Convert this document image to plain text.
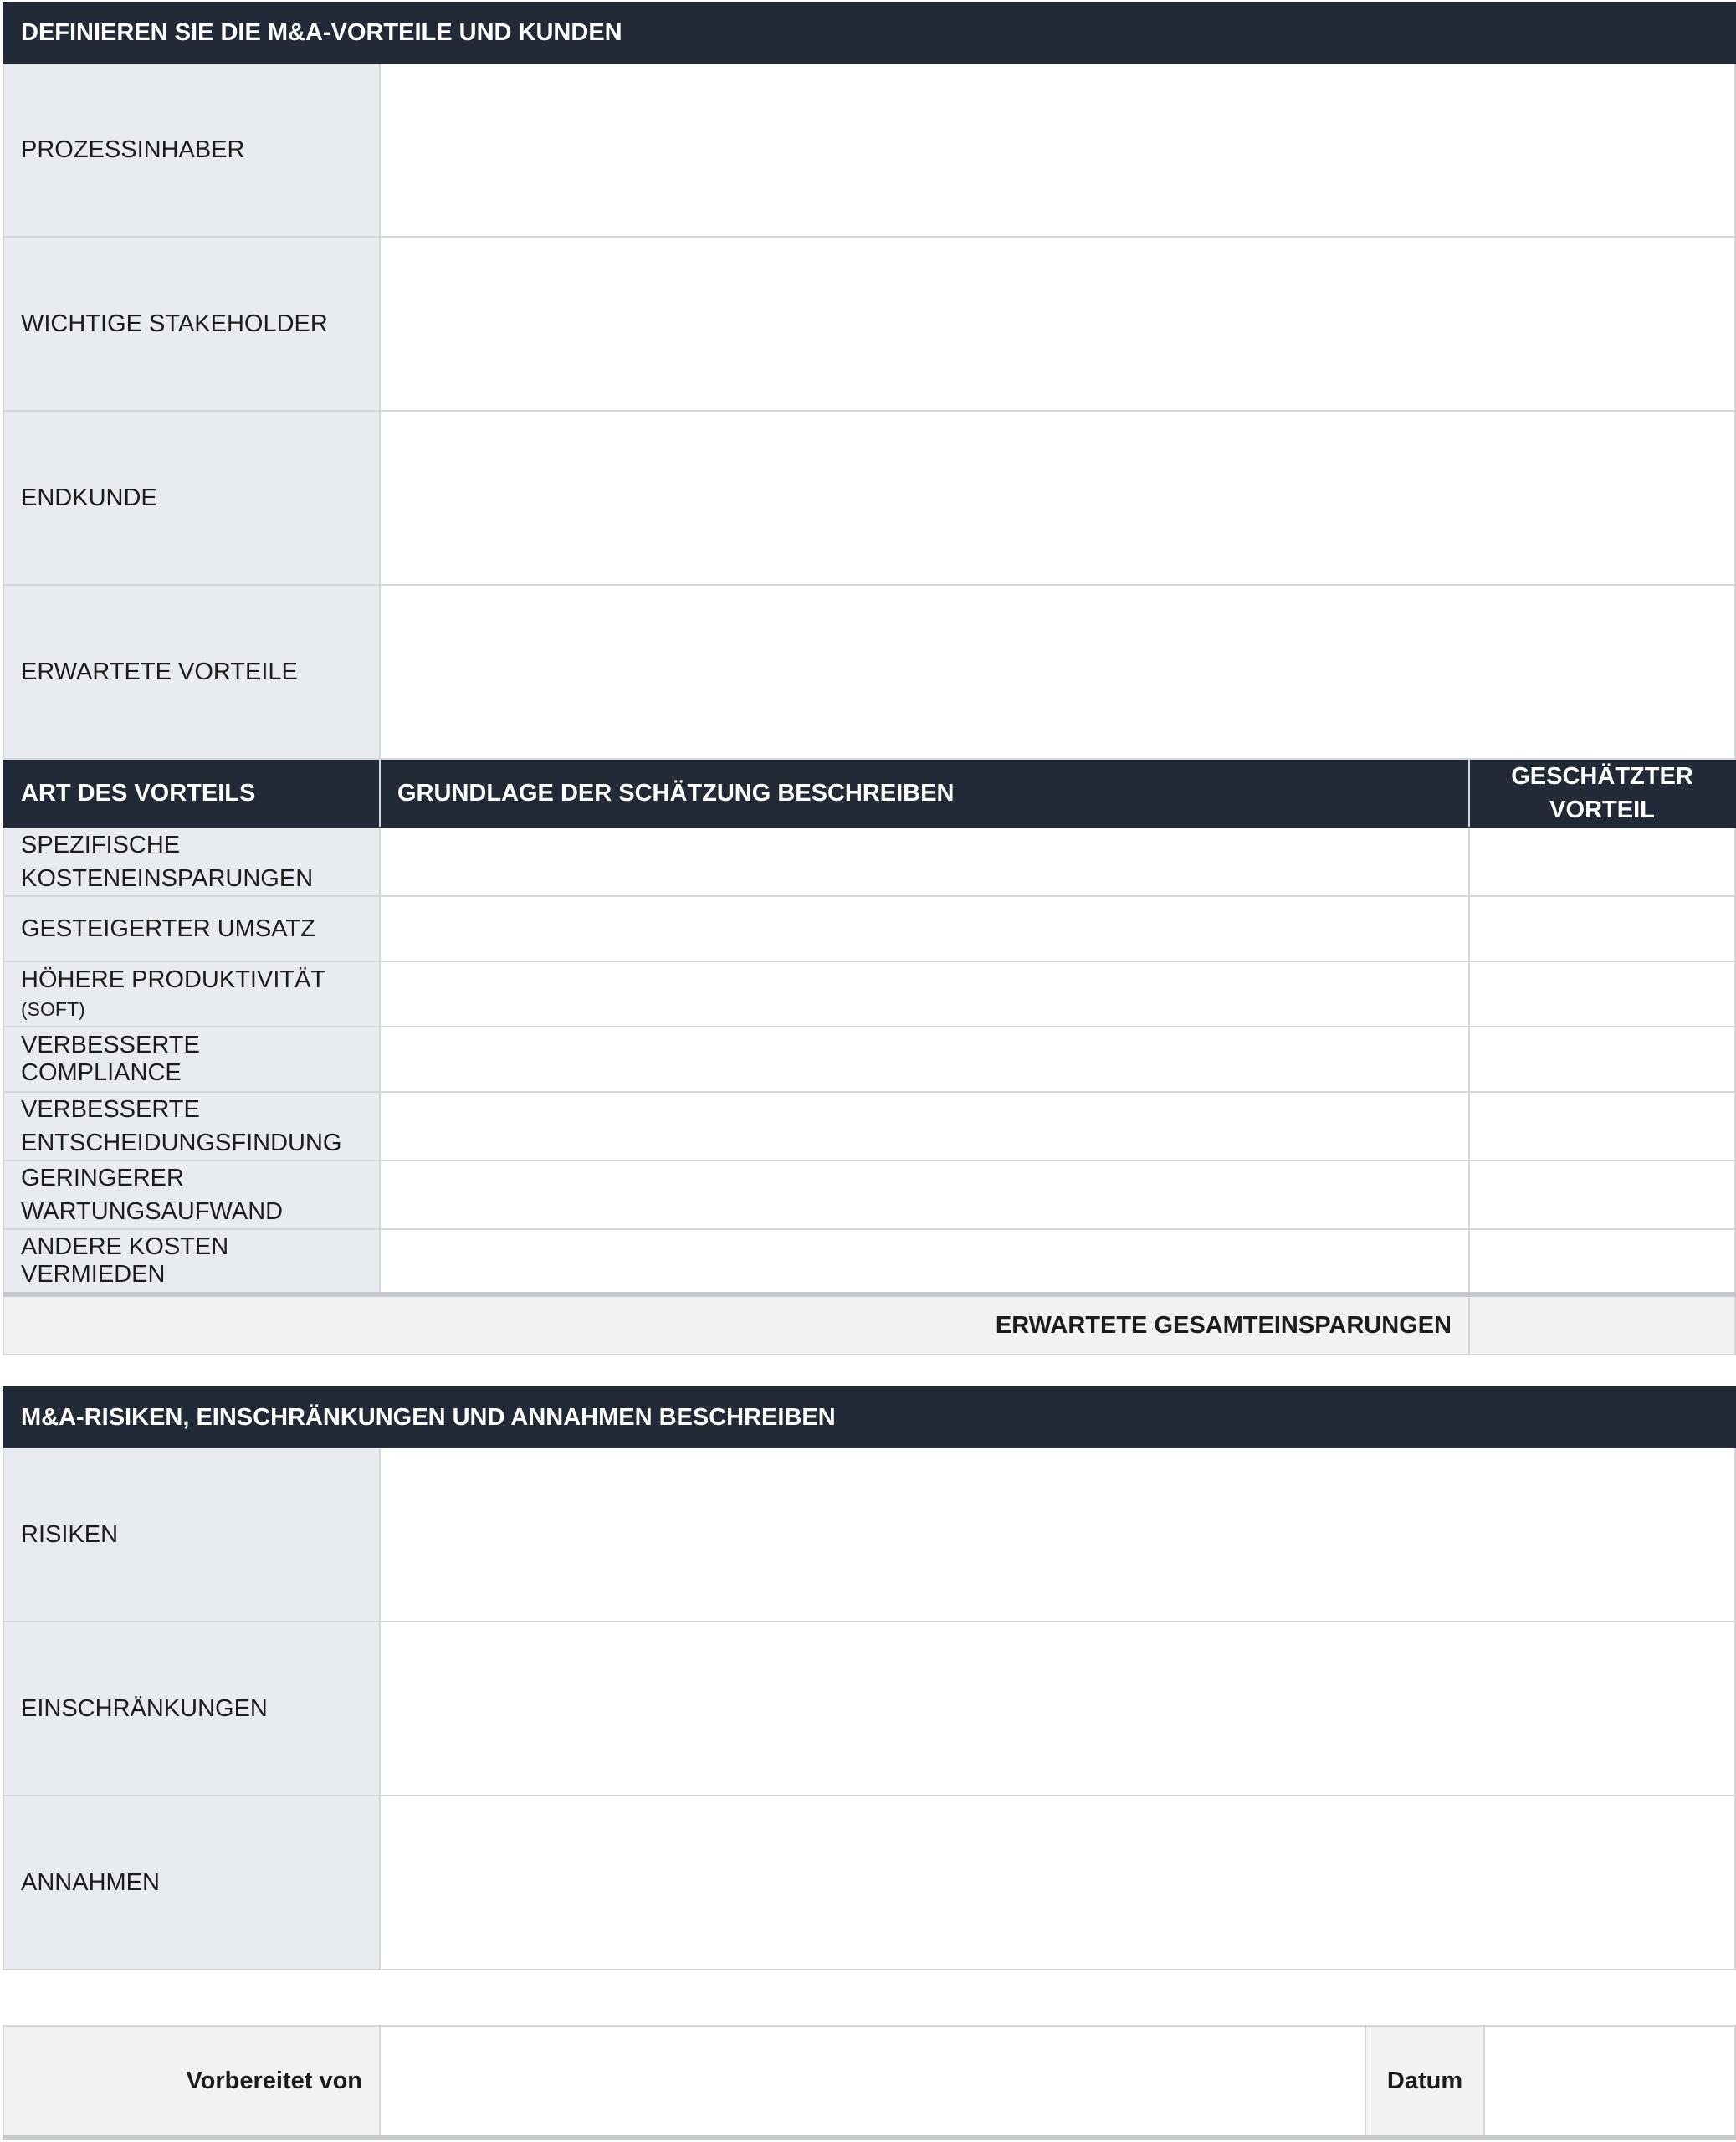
DEFINIEREN SIE DIE M&A-VORTEILE UND KUNDEN		
PROZESSINHABER		
WICHTIGE STAKEHOLDER		
ENDKUNDE		
ERWARTETE VORTEILE		
ART DES VORTEILS	GRUNDLAGE DER SCHÄTZUNG BESCHREIBEN	GESCHÄTZTER VORTEIL
SPEZIFISCHE KOSTENEINSPARUNGEN		
GESTEIGERTER UMSATZ		
HÖHERE PRODUKTIVITÄT
(SOFT)		
VERBESSERTE COMPLIANCE		
VERBESSERTE ENTSCHEIDUNGSFINDUNG		
GERINGERER WARTUNGSAUFWAND		
ANDERE KOSTEN VERMIEDEN		
ERWARTETE GESAMTEINSPARUNGEN		
M&A-RISIKEN, EINSCHRÄNKUNGEN UND ANNAHMEN BESCHREIBEN	
RISIKEN	
EINSCHRÄNKUNGEN	
ANNAHMEN	
Vorbereitet von		Datum	
